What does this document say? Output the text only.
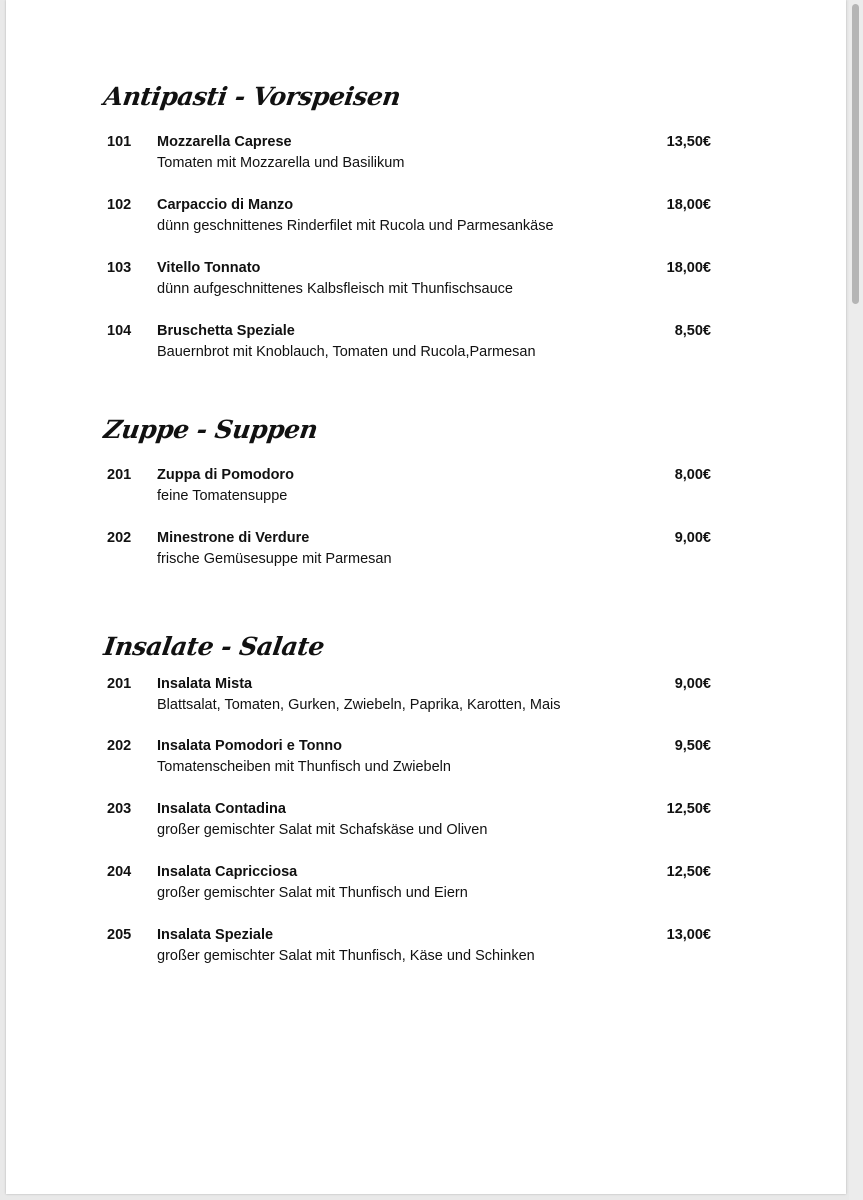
Antipasti - Vorspeisen
101 Mozzarella Caprese
Tomaten mit Mozzarella und Basilikum
13,50€
102 Carpaccio di Manzo
dünn geschnittenes Rinderfilet mit Rucola und Parmesankäse
18,00€
103 Vitello Tonnato
dünn aufgeschnittenes Kalbsfleisch mit Thunfischsauce
18,00€
104 Bruschetta Speziale
Bauernbrot mit Knoblauch, Tomaten und Rucola,Parmesan
8,50€
Zuppe - Suppen
201 Zuppa di Pomodoro
feine Tomatensuppe
8,00€
202 Minestrone di Verdure
frische Gemüsesuppe mit Parmesan
9,00€
Insalate - Salate
201 Insalata Mista
Blattsalat, Tomaten, Gurken, Zwiebeln, Paprika, Karotten, Mais
9,00€
202 Insalata Pomodori e Tonno
Tomatenscheiben mit Thunfisch und Zwiebeln
9,50€
203 Insalata Contadina
großer gemischter Salat mit Schafskäse und Oliven
12,50€
204 Insalata Capricciosa
großer gemischter Salat mit Thunfisch und Eiern
12,50€
205 Insalata Speziale
großer gemischter Salat mit Thunfisch, Käse und Schinken
13,00€
